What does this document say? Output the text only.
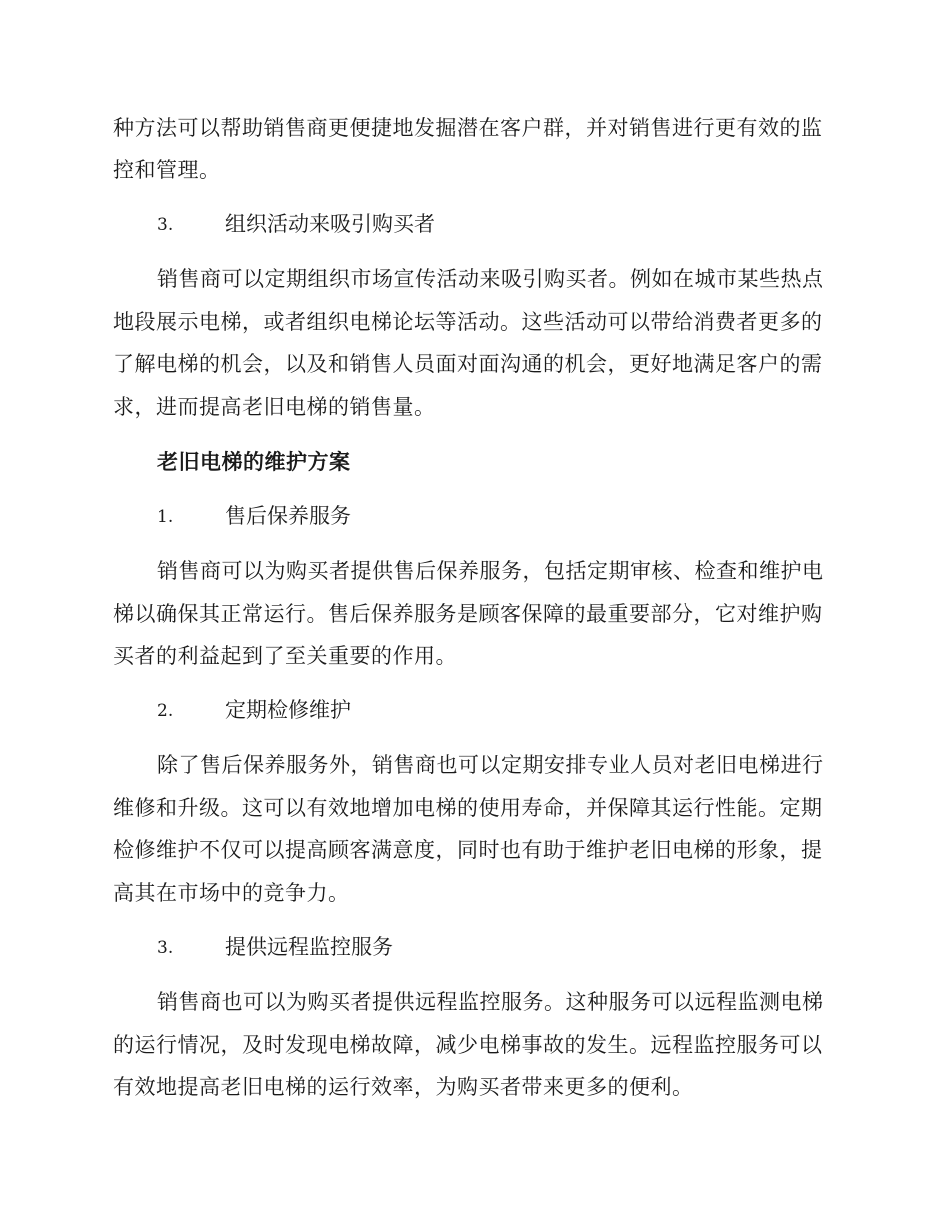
种方法可以帮助销售商更便捷地发掘潜在客户群，并对销售进行更有效的监
控和管理。
3. 组织活动来吸引购买者
销售商可以定期组织市场宣传活动来吸引购买者。例如在城市某些热点
地段展示电梯，或者组织电梯论坛等活动。这些活动可以带给消费者更多的
了解电梯的机会，以及和销售人员面对面沟通的机会，更好地满足客户的需
求，进而提高老旧电梯的销售量。
老旧电梯的维护方案
1. 售后保养服务
销售商可以为购买者提供售后保养服务，包括定期审核、检查和维护电
梯以确保其正常运行。售后保养服务是顾客保障的最重要部分，它对维护购
买者的利益起到了至关重要的作用。
2. 定期检修维护
除了售后保养服务外，销售商也可以定期安排专业人员对老旧电梯进行
维修和升级。这可以有效地增加电梯的使用寿命，并保障其运行性能。定期
检修维护不仅可以提高顾客满意度，同时也有助于维护老旧电梯的形象，提
高其在市场中的竞争力。
3. 提供远程监控服务
销售商也可以为购买者提供远程监控服务。这种服务可以远程监测电梯
的运行情况，及时发现电梯故障，减少电梯事故的发生。远程监控服务可以
有效地提高老旧电梯的运行效率，为购买者带来更多的便利。
